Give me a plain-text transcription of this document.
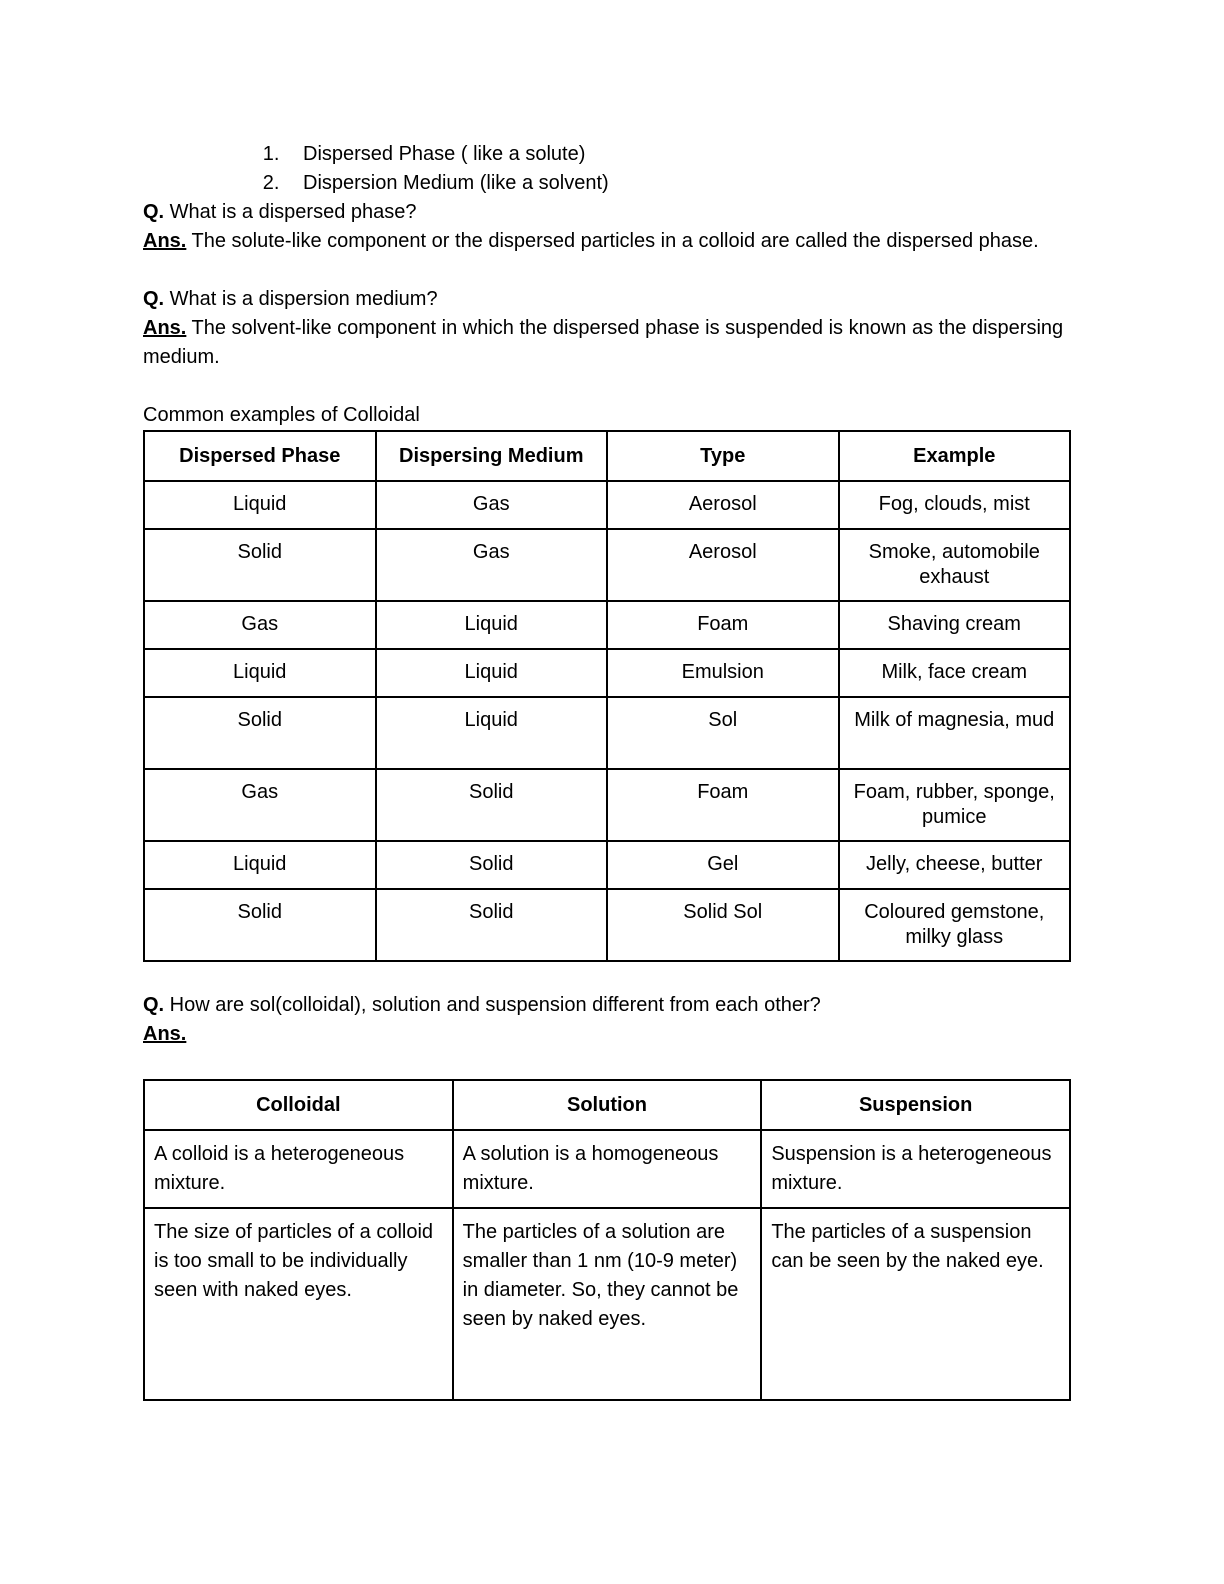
1. Dispersed Phase ( like a solute)
2. Dispersion Medium (like a solvent)
Q. What is a dispersed phase?
Ans. The solute-like component or the dispersed particles in a colloid are called the dispersed phase.
Q. What is a dispersion medium?
Ans. The solvent-like component in which the dispersed phase is suspended is known as the dispersing medium.
Common examples of Colloidal
Dispersed Phase	Dispersing Medium	Type	Example
Liquid	Gas	Aerosol	Fog, clouds, mist
Solid	Gas	Aerosol	Smoke, automobile exhaust
Gas	Liquid	Foam	Shaving cream
Liquid	Liquid	Emulsion	Milk, face cream
Solid	Liquid	Sol	Milk of magnesia, mud
Gas	Solid	Foam	Foam, rubber, sponge, pumice
Liquid	Solid	Gel	Jelly, cheese, butter
Solid	Solid	Solid Sol	Coloured gemstone, milky glass
Q. How are sol(colloidal), solution and suspension different from each other?
Ans.
Colloidal	Solution	Suspension
A colloid is a heterogeneous mixture.	A solution is a homogeneous mixture.	Suspension is a heterogeneous mixture.
The size of particles of a colloid is too small to be individually seen with naked eyes.	The particles of a solution are smaller than 1 nm (10-9 meter) in diameter. So, they cannot be seen by naked eyes.	The particles of a suspension can be seen by the naked eye.
